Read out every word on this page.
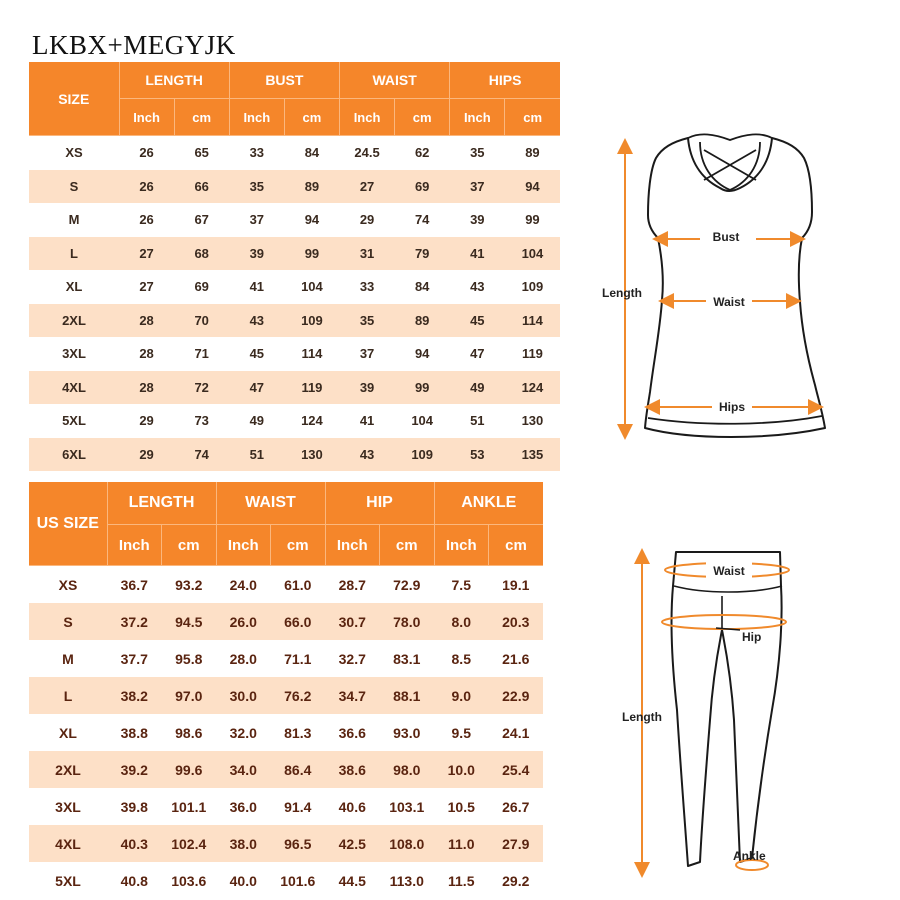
LKBX+MEGYJK
SIZE	LENGTH		BUST		WAIST		HIPS	
	Inch	cm	Inch	cm	Inch	cm	Inch	cm
XS	26	65	33	84	24.5	62	35	89
S	26	66	35	89	27	69	37	94
M	26	67	37	94	29	74	39	99
L	27	68	39	99	31	79	41	104
XL	27	69	41	104	33	84	43	109
2XL	28	70	43	109	35	89	45	114
3XL	28	71	45	114	37	94	47	119
4XL	28	72	47	119	39	99	49	124
5XL	29	73	49	124	41	104	51	130
6XL	29	74	51	130	43	109	53	135
US SIZE	LENGTH		WAIST		HIP		ANKLE	
	Inch	cm	Inch	cm	Inch	cm	Inch	cm
XS	36.7	93.2	24.0	61.0	28.7	72.9	7.5	19.1
S	37.2	94.5	26.0	66.0	30.7	78.0	8.0	20.3
M	37.7	95.8	28.0	71.1	32.7	83.1	8.5	21.6
L	38.2	97.0	30.0	76.2	34.7	88.1	9.0	22.9
XL	38.8	98.6	32.0	81.3	36.6	93.0	9.5	24.1
2XL	39.2	99.6	34.0	86.4	38.6	98.0	10.0	25.4
3XL	39.8	101.1	36.0	91.4	40.6	103.1	10.5	26.7
4XL	40.3	102.4	38.0	96.5	42.5	108.0	11.0	27.9
5XL	40.8	103.6	40.0	101.6	44.5	113.0	11.5	29.2
Bust
Waist
Hips
Length
Waist
Hip
Length
Ankle
